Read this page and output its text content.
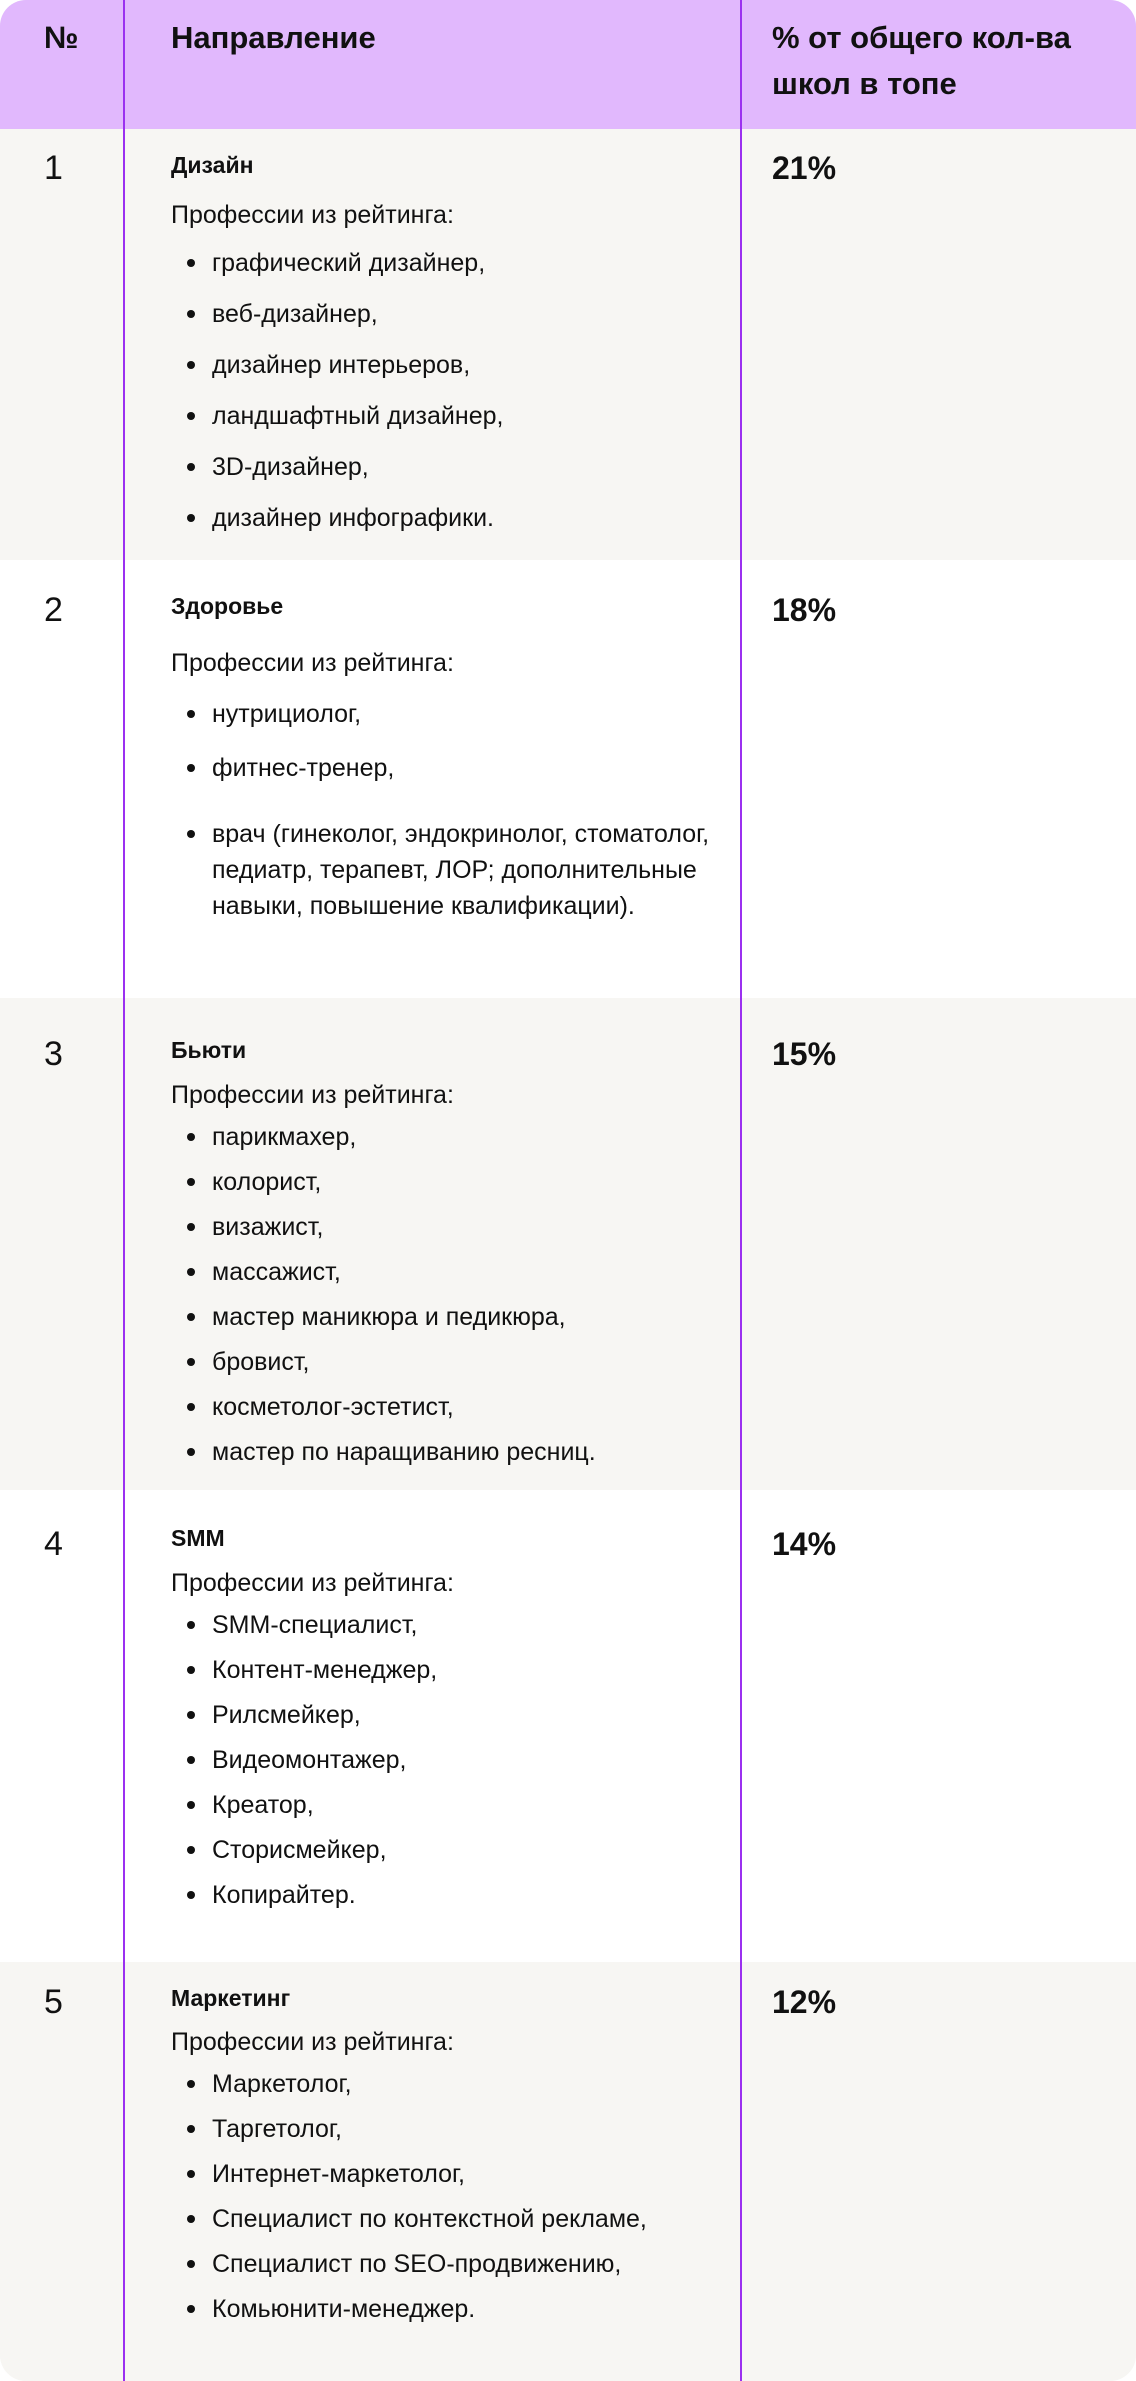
№	Направление	% от общего кол-ва школ в топе
1	Дизайн

Профессии из рейтинга:

графический дизайнер,
веб-дизайнер,
дизайнер интерьеров,
ландшафтный дизайнер,
3D-дизайнер,
дизайнер инфографики.
21%
2	Здоровье

Профессии из рейтинга:

нутрициолог,
фитнес-тренер,
врач (гинеколог, эндокринолог, стоматолог, педиатр, терапевт, ЛОР; дополнительные навыки, повышение квалификации).
18%
3	Бьюти

Профессии из рейтинга:

парикмахер,
колорист,
визажист,
массажист,
мастер маникюра и педикюра,
бровист,
косметолог-эстетист,
мастер по наращиванию ресниц.
15%
4	SMM

Профессии из рейтинга:

SMM-специалист,
Контент-менеджер,
Рилсмейкер,
Видеомонтажер,
Креатор,
Сторисмейкер,
Копирайтер.
14%
5	Маркетинг

Профессии из рейтинга:

Маркетолог,
Таргетолог,
Интернет-маркетолог,
Специалист по контекстной рекламе,
Специалист по SEO-продвижению,
Комьюнити-менеджер.
12%
